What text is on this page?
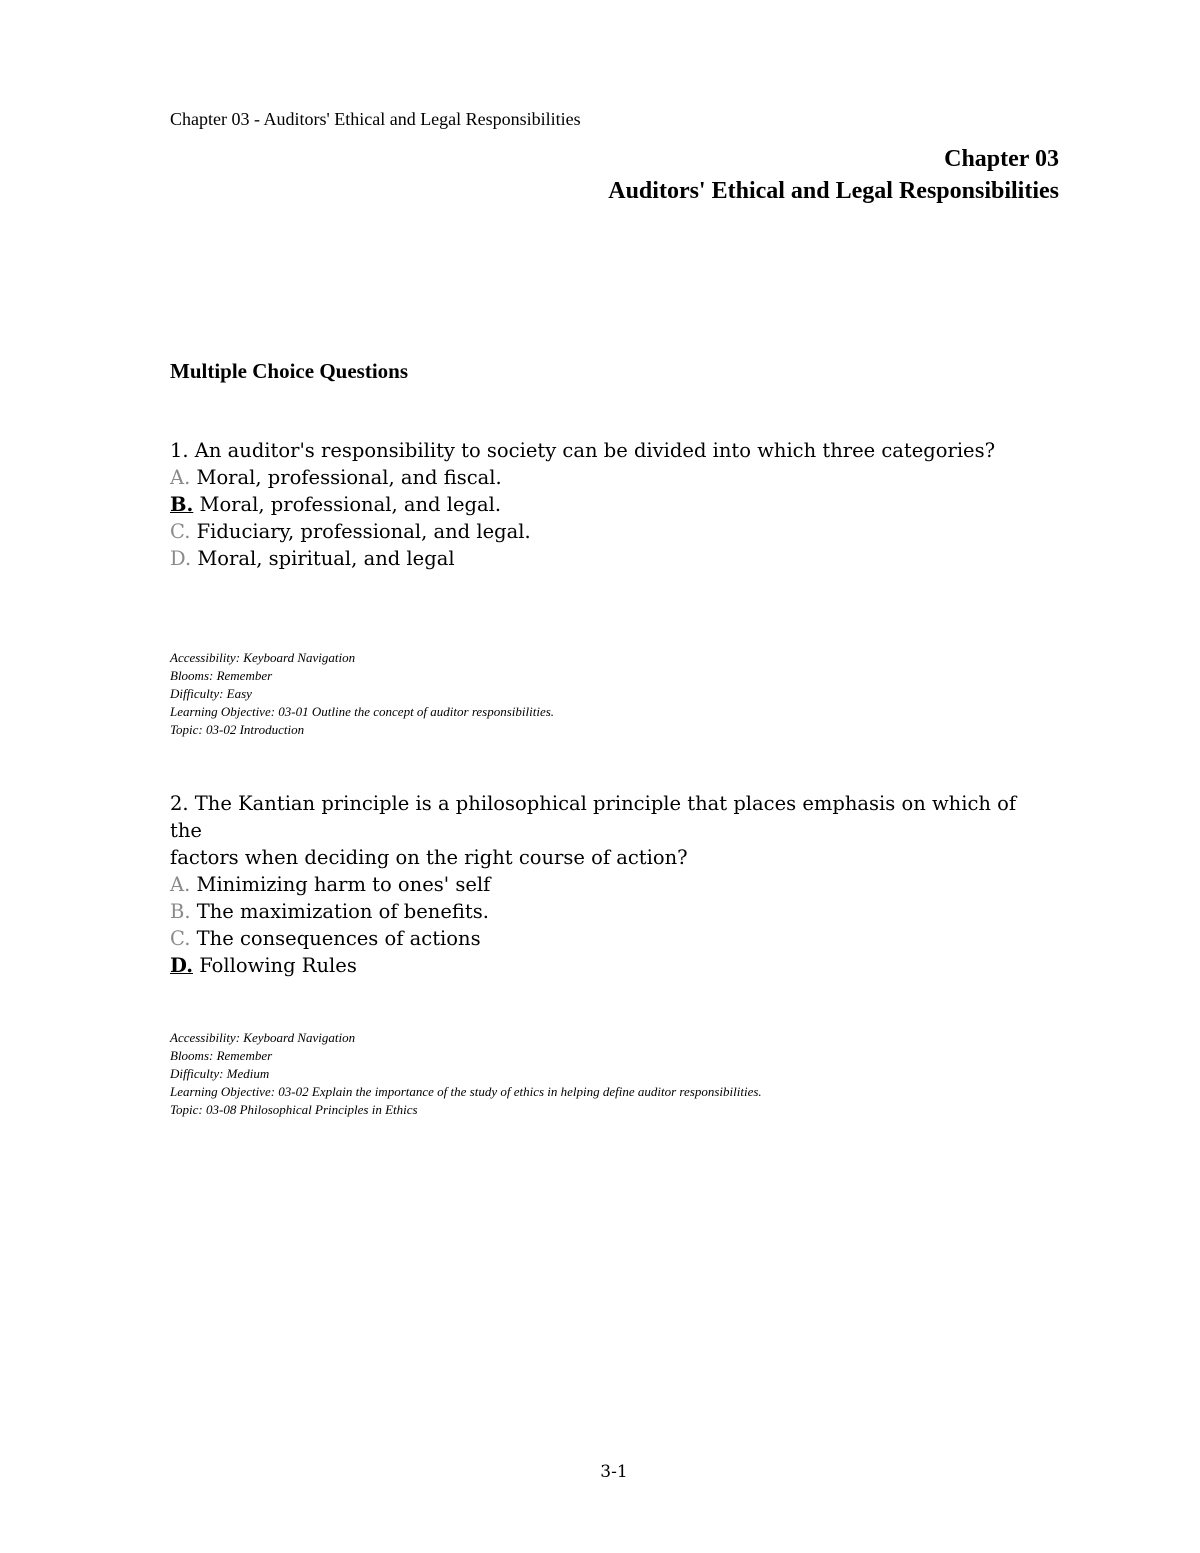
Chapter 03 - Auditors' Ethical and Legal Responsibilities
Chapter 03
Auditors' Ethical and Legal Responsibilities
Multiple Choice Questions
1. An auditor's responsibility to society can be divided into which three categories?
A. Moral, professional, and fiscal.
B. Moral, professional, and legal.
C. Fiduciary, professional, and legal.
D. Moral, spiritual, and legal
Accessibility: Keyboard Navigation
Blooms: Remember
Difficulty: Easy
Learning Objective: 03-01 Outline the concept of auditor responsibilities.
Topic: 03-02 Introduction
2. The Kantian principle is a philosophical principle that places emphasis on which of the
factors when deciding on the right course of action?
A. Minimizing harm to ones' self
B. The maximization of benefits.
C. The consequences of actions
D. Following Rules
Accessibility: Keyboard Navigation
Blooms: Remember
Difficulty: Medium
Learning Objective: 03-02 Explain the importance of the study of ethics in helping define auditor responsibilities.
Topic: 03-08 Philosophical Principles in Ethics
3-1
